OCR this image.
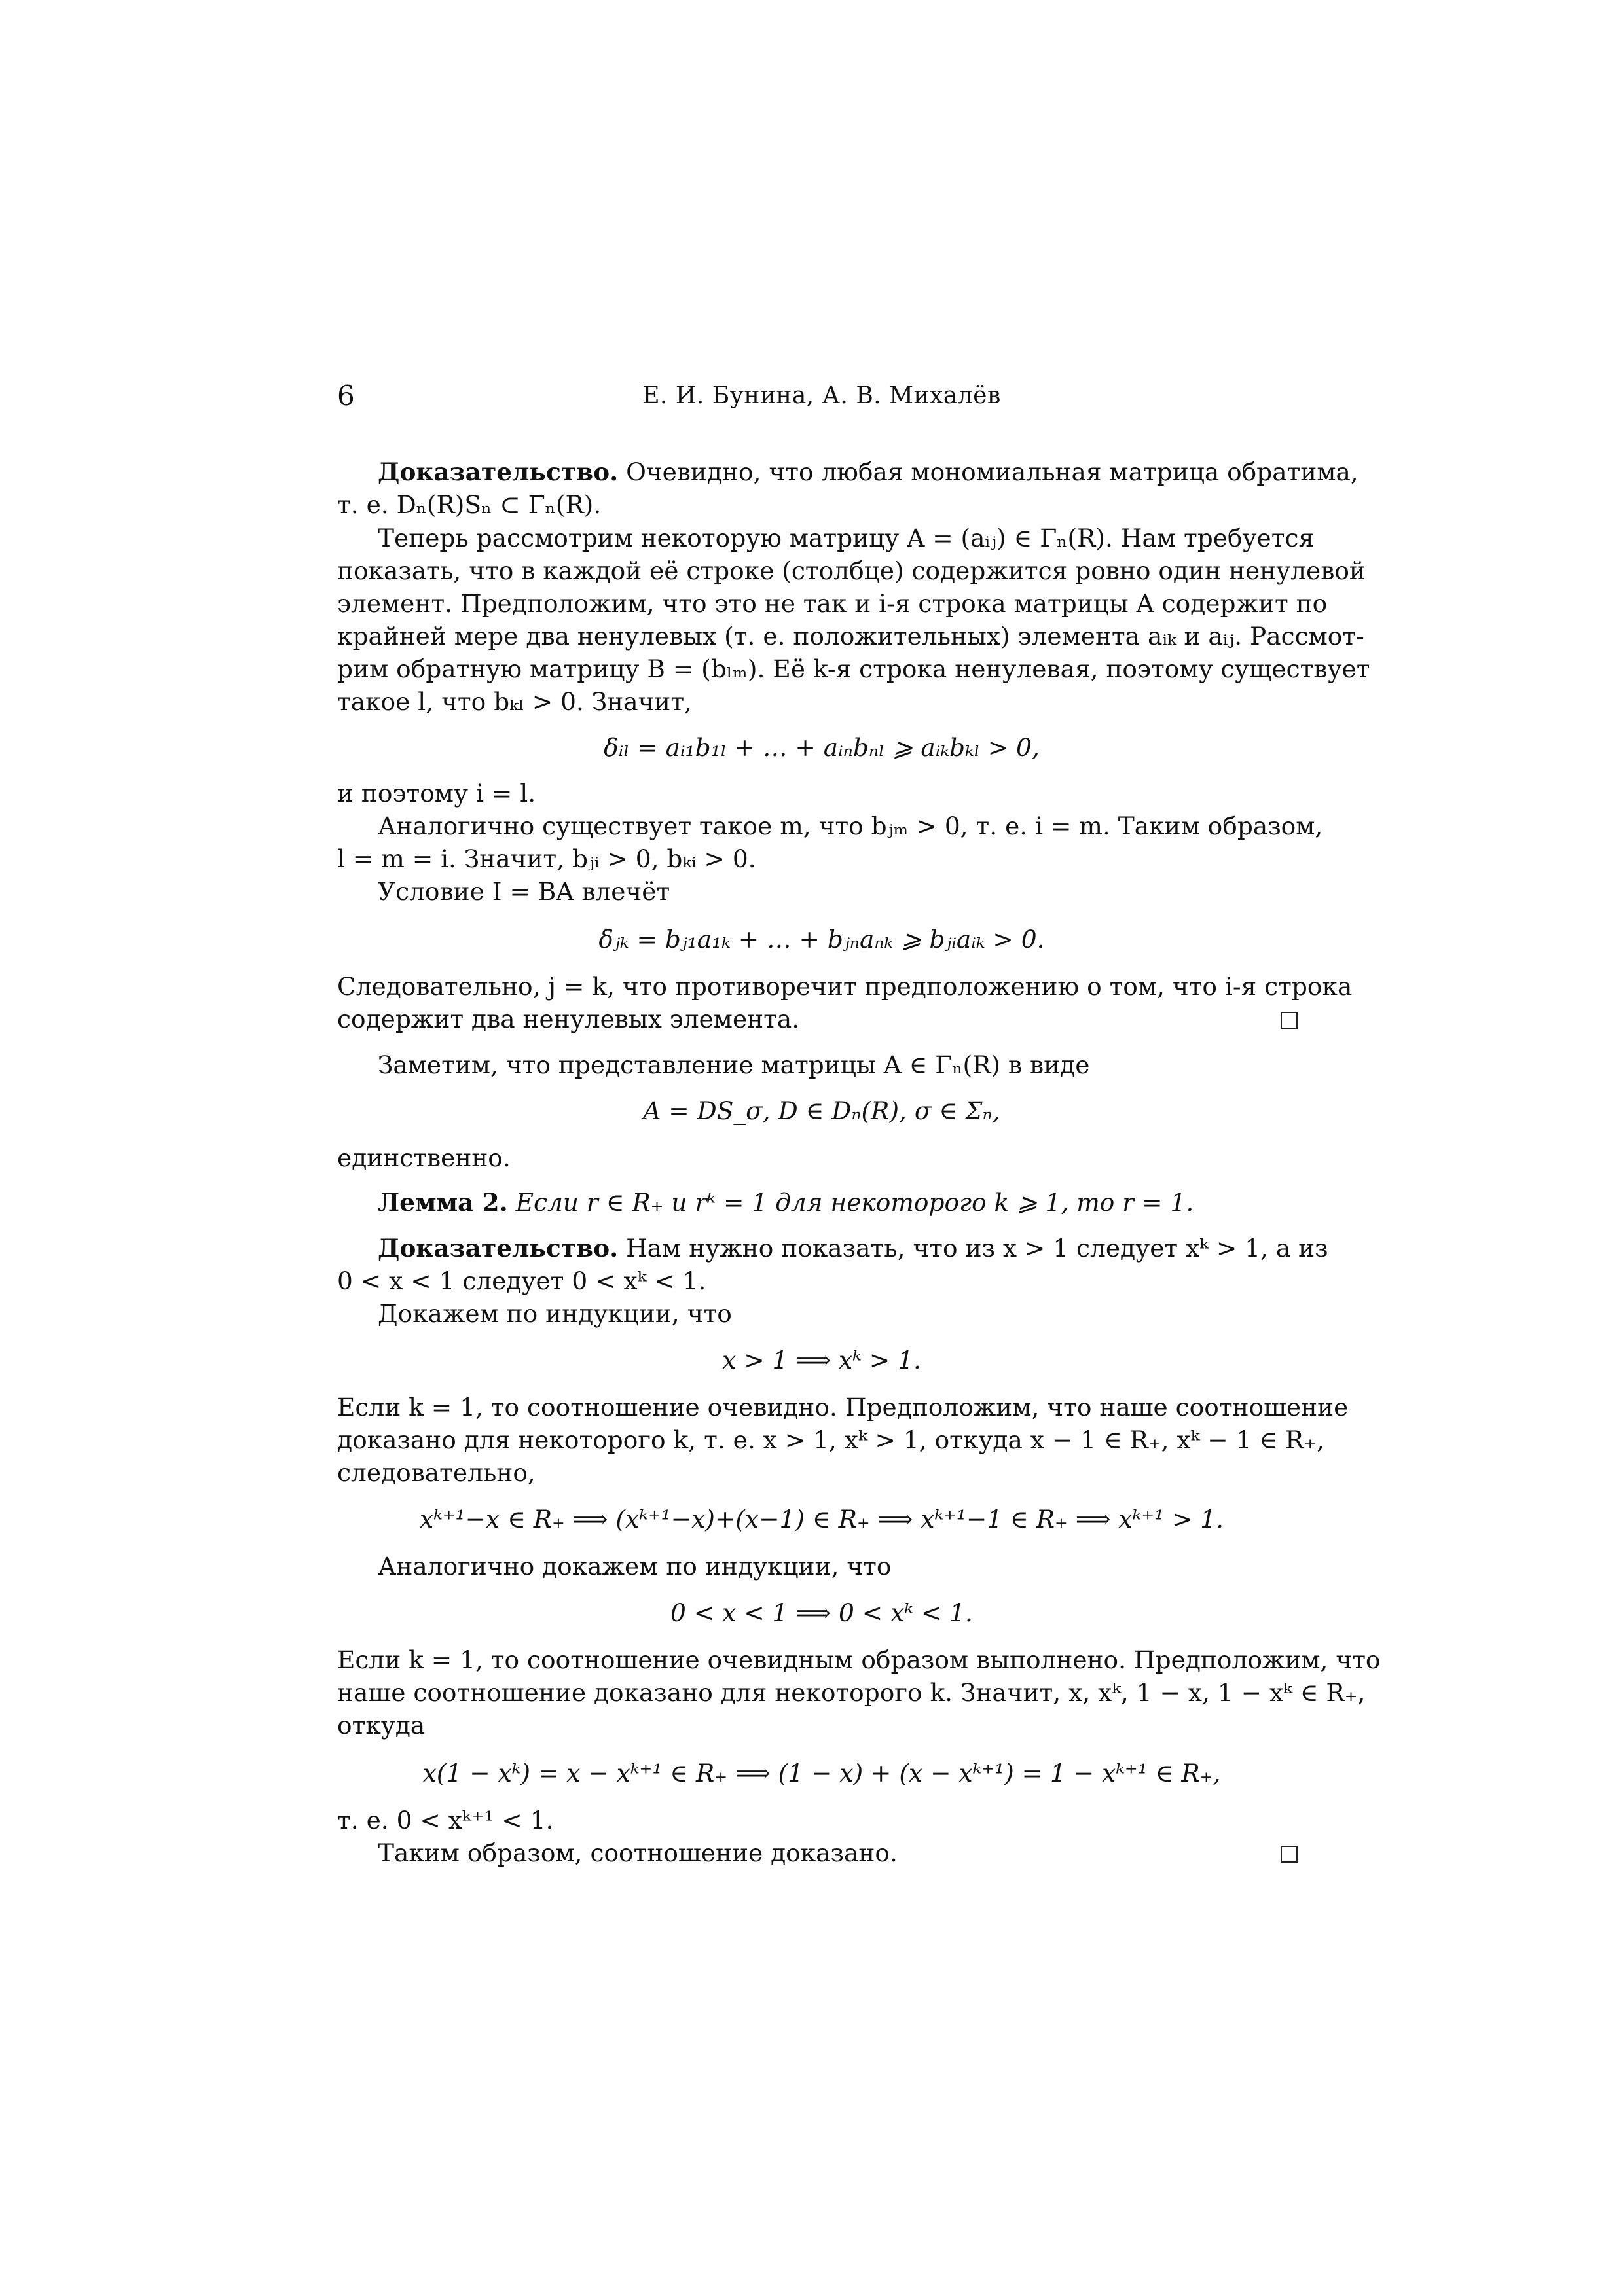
6	Е. И. Бунина, А. В. Михалёв
Доказательство. Очевидно, что любая мономиальная матрица обратима,
т. е. Dₙ(R)Sₙ ⊂ Γₙ(R).
Теперь рассмотрим некоторую матрицу A = (aᵢⱼ) ∈ Γₙ(R). Нам требуется
показать, что в каждой её строке (столбце) содержится ровно один ненулевой
элемент. Предположим, что это не так и i-я строка матрицы A содержит по
крайней мере два ненулевых (т. е. положительных) элемента aᵢₖ и aᵢⱼ. Рассмот-
рим обратную матрицу B = (bₗₘ). Её k-я строка ненулевая, поэтому существует
такое l, что bₖₗ > 0. Значит,
δᵢₗ = aᵢ₁b₁ₗ + … + aᵢₙbₙₗ ⩾ aᵢₖbₖₗ > 0,
и поэтому i = l.
Аналогично существует такое m, что bⱼₘ > 0, т. е. i = m. Таким образом,
l = m = i. Значит, bⱼᵢ > 0, bₖᵢ > 0.
Условие I = BA влечёт
δⱼₖ = bⱼ₁a₁ₖ + … + bⱼₙaₙₖ ⩾ bⱼᵢaᵢₖ > 0.
Следовательно, j = k, что противоречит предположению о том, что i-я строка
содержит два ненулевых элемента.
Заметим, что представление матрицы A ∈ Γₙ(R) в виде
A = DS_σ, D ∈ Dₙ(R), σ ∈ Σₙ,
единственно.
Лемма 2. Если r ∈ R₊ и rᵏ = 1 для некоторого k ⩾ 1, то r = 1.
Доказательство. Нам нужно показать, что из x > 1 следует xᵏ > 1, а из
0 < x < 1 следует 0 < xᵏ < 1.
Докажем по индукции, что
x > 1 ⟹ xᵏ > 1.
Если k = 1, то соотношение очевидно. Предположим, что наше соотношение
доказано для некоторого k, т. е. x > 1, xᵏ > 1, откуда x − 1 ∈ R₊, xᵏ − 1 ∈ R₊,
следовательно,
xᵏ⁺¹−x ∈ R₊ ⟹ (xᵏ⁺¹−x)+(x−1) ∈ R₊ ⟹ xᵏ⁺¹−1 ∈ R₊ ⟹ xᵏ⁺¹ > 1.
Аналогично докажем по индукции, что
0 < x < 1 ⟹ 0 < xᵏ < 1.
Если k = 1, то соотношение очевидным образом выполнено. Предположим, что
наше соотношение доказано для некоторого k. Значит, x, xᵏ, 1 − x, 1 − xᵏ ∈ R₊,
откуда
x(1 − xᵏ) = x − xᵏ⁺¹ ∈ R₊ ⟹ (1 − x) + (x − xᵏ⁺¹) = 1 − xᵏ⁺¹ ∈ R₊,
т. е. 0 < xᵏ⁺¹ < 1.
Таким образом, соотношение доказано.
